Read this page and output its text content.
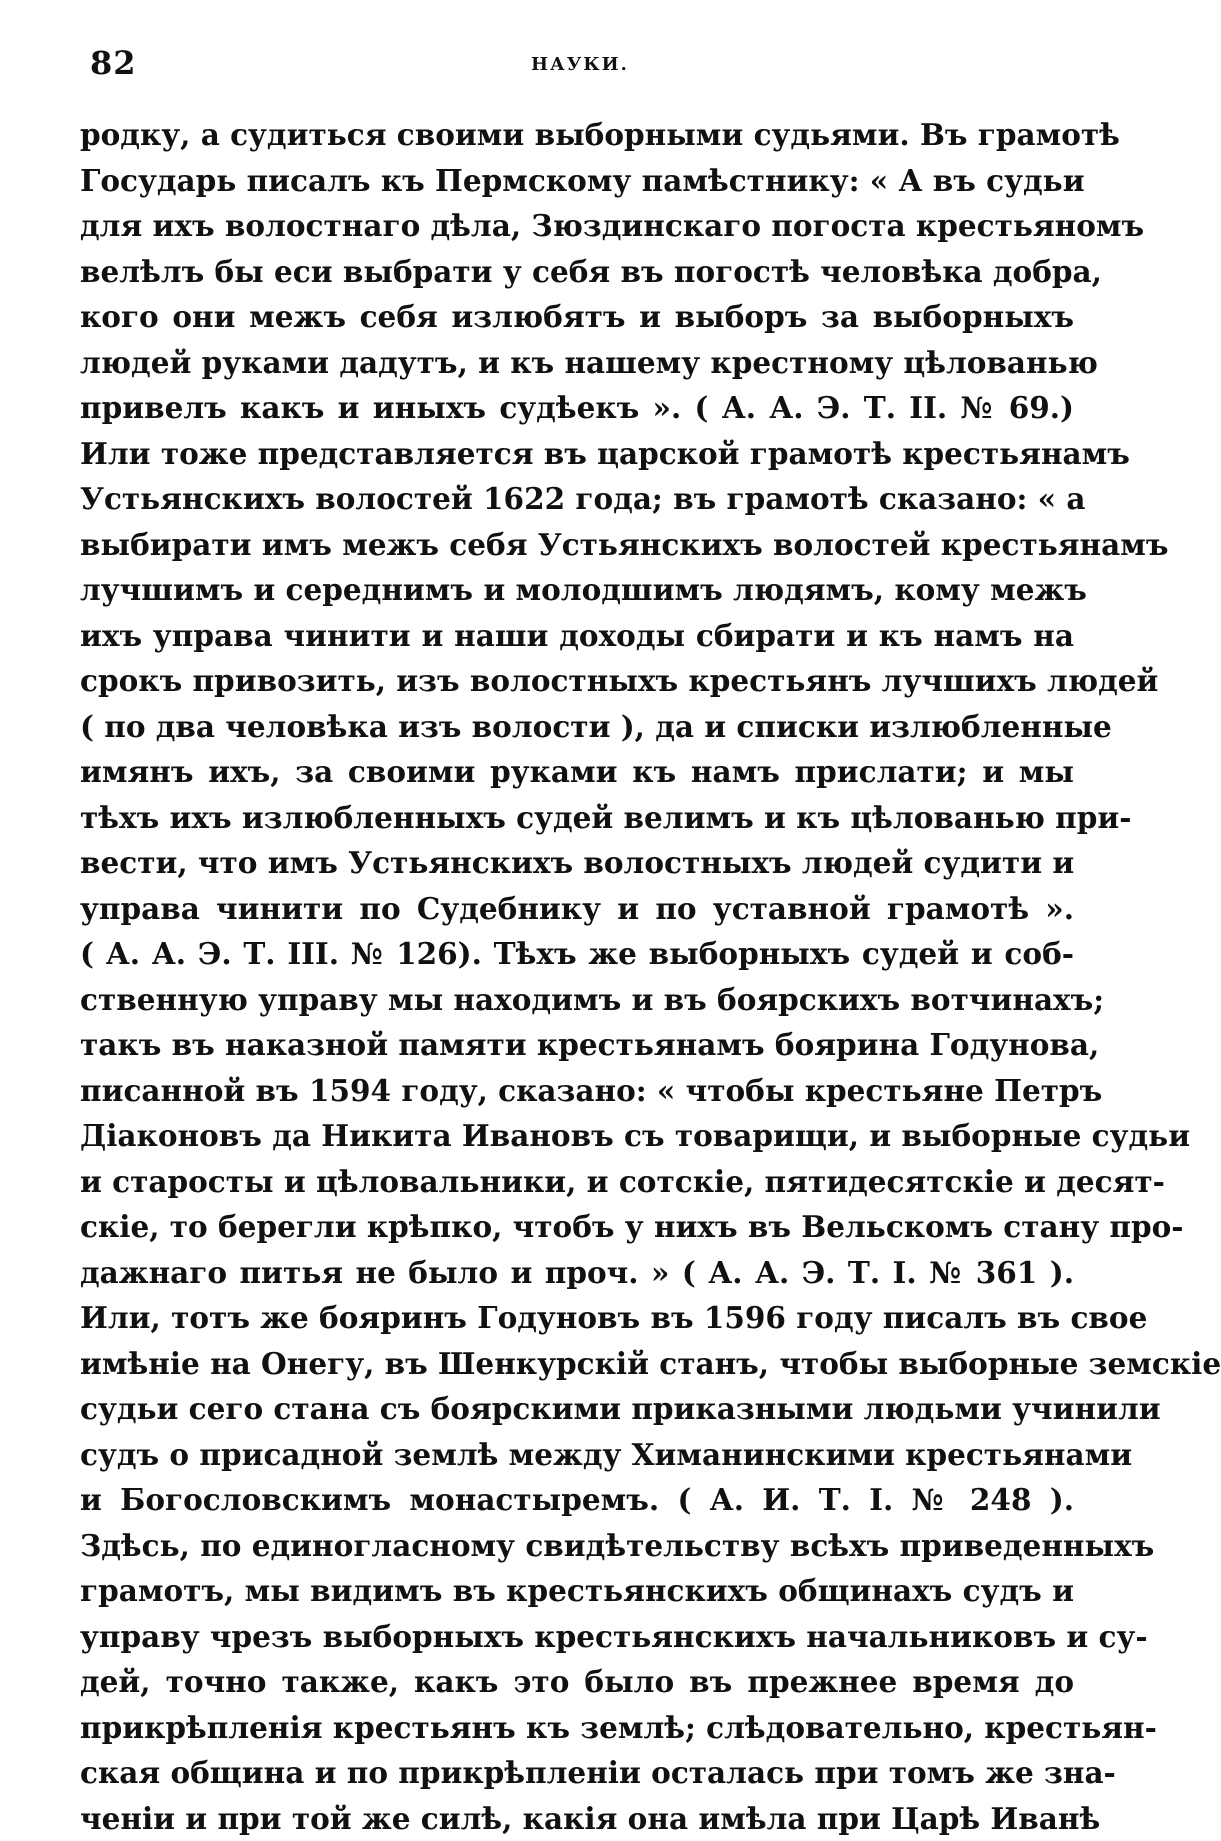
82	НАУКИ.
родку, а судиться своими выборными судьями. Въ грамотѣ
Государь писалъ къ Пермскому памѣстнику: « А въ судьи
для ихъ волостнаго дѣла, Зюздинскаго погоста крестьяномъ
велѣлъ бы еси выбрати у себя въ погостѣ человѣка добра,
кого они межъ себя излюбятъ и выборъ за выборныхъ
людей руками дадутъ, и къ нашему крестному цѣлованью
привелъ какъ и иныхъ судѣекъ ». ( А. А. Э. Т. II. № 69.)
Или тоже представляется въ царской грамотѣ крестьянамъ
Устьянскихъ волостей 1622 года; въ грамотѣ сказано: « а
выбирати имъ межъ себя Устьянскихъ волостей крестьянамъ
лучшимъ и середнимъ и молодшимъ людямъ, кому межъ
ихъ управа чинити и наши доходы сбирати и къ намъ на
срокъ привозить, изъ волостныхъ крестьянъ лучшихъ людей
( по два человѣка изъ волости ), да и списки излюбленные
имянъ ихъ, за своими руками къ намъ прислати; и мы
тѣхъ ихъ излюбленныхъ судей велимъ и къ цѣлованью при-
вести, что имъ Устьянскихъ волостныхъ людей судити и
управа чинити по Судебнику и по уставной грамотѣ ».
( А. А. Э. Т. III. № 126). Тѣхъ же выборныхъ судей и соб-
ственную управу мы находимъ и въ боярскихъ вотчинахъ;
такъ въ наказной памяти крестьянамъ боярина Годунова,
писанной въ 1594 году, сказано: « чтобы крестьяне Петръ
Діаконовъ да Никита Ивановъ съ товарищи, и выборные судьи
и старосты и цѣловальники, и сотскіе, пятидесятскіе и десят-
скіе, то берегли крѣпко, чтобъ у нихъ въ Вельскомъ стану про-
дажнаго питья не было и проч. » ( А. А. Э. Т. I. № 361 ).
Или, тотъ же бояринъ Годуновъ въ 1596 году писалъ въ свое
имѣніе на Онегу, въ Шенкурскій станъ, чтобы выборные земскіе
судьи сего стана съ боярскими приказными людьми учинили
судъ о присадной землѣ между Химанинскими крестьянами
и Богословскимъ монастыремъ. ( А. И. Т. I. № 248 ).
Здѣсь, по единогласному свидѣтельству всѣхъ приведенныхъ
грамотъ, мы видимъ въ крестьянскихъ общинахъ судъ и
управу чрезъ выборныхъ крестьянскихъ начальниковъ и су-
дей, точно также, какъ это было въ прежнее время до
прикрѣпленія крестьянъ къ землѣ; слѣдовательно, крестьян-
ская община и по прикрѣпленіи осталась при томъ же зна-
ченіи и при той же силѣ, какія она имѣла при Царѣ Иванѣ
